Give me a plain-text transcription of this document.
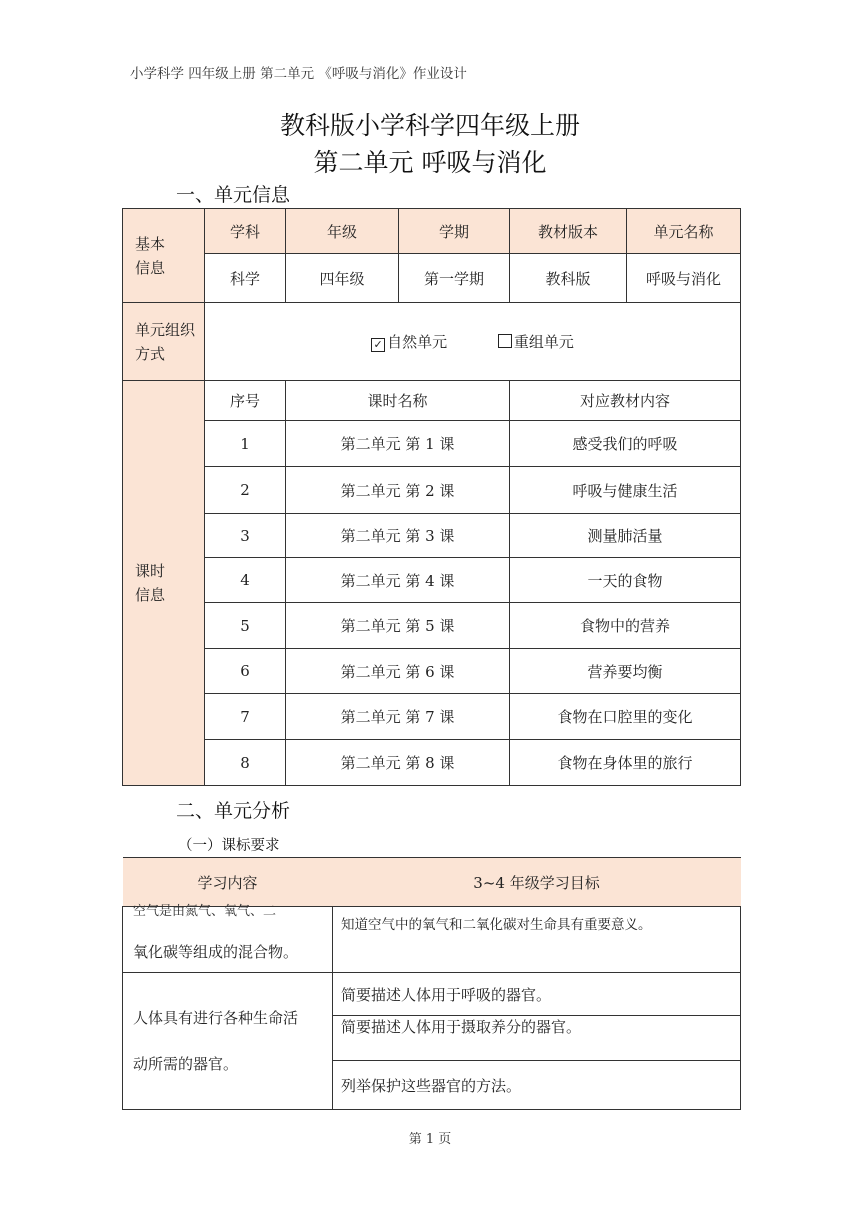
小学科学 四年级上册 第二单元 《呼吸与消化》作业设计
教科版小学科学四年级上册
第二单元 呼吸与消化
一、单元信息
基本信息	学科	年级	学期	教材版本	单元名称
	科学	四年级	第一学期	教科版	呼吸与消化
单元组织方式	✓ 自然单元 重组单元				
课时信息	序号	课时名称		对应教材内容	
	1	第二单元 第 1 课		感受我们的呼吸	
	2	第二单元 第 2 课		呼吸与健康生活	
	3	第二单元 第 3 课		测量肺活量	
	4	第二单元 第 4 课		一天的食物	
	5	第二单元 第 5 课		食物中的营养	
	6	第二单元 第 6 课		营养要均衡	
	7	第二单元 第 7 课		食物在口腔里的变化	
	8	第二单元 第 8 课		食物在身体里的旅行	
二、单元分析
（一）课标要求
学习内容	3~4 年级学习目标

空气是由氮气、氧气、二
氧化碳等组成的混合物。	知道空气中的氧气和二氧化碳对生命具有重要意义。

人体具有进行各种生命活
动所需的器官。	简要描述人体用于呼吸的器官。
	简要描述人体用于摄取养分的器官。
	列举保护这些器官的方法。
第 1 页
